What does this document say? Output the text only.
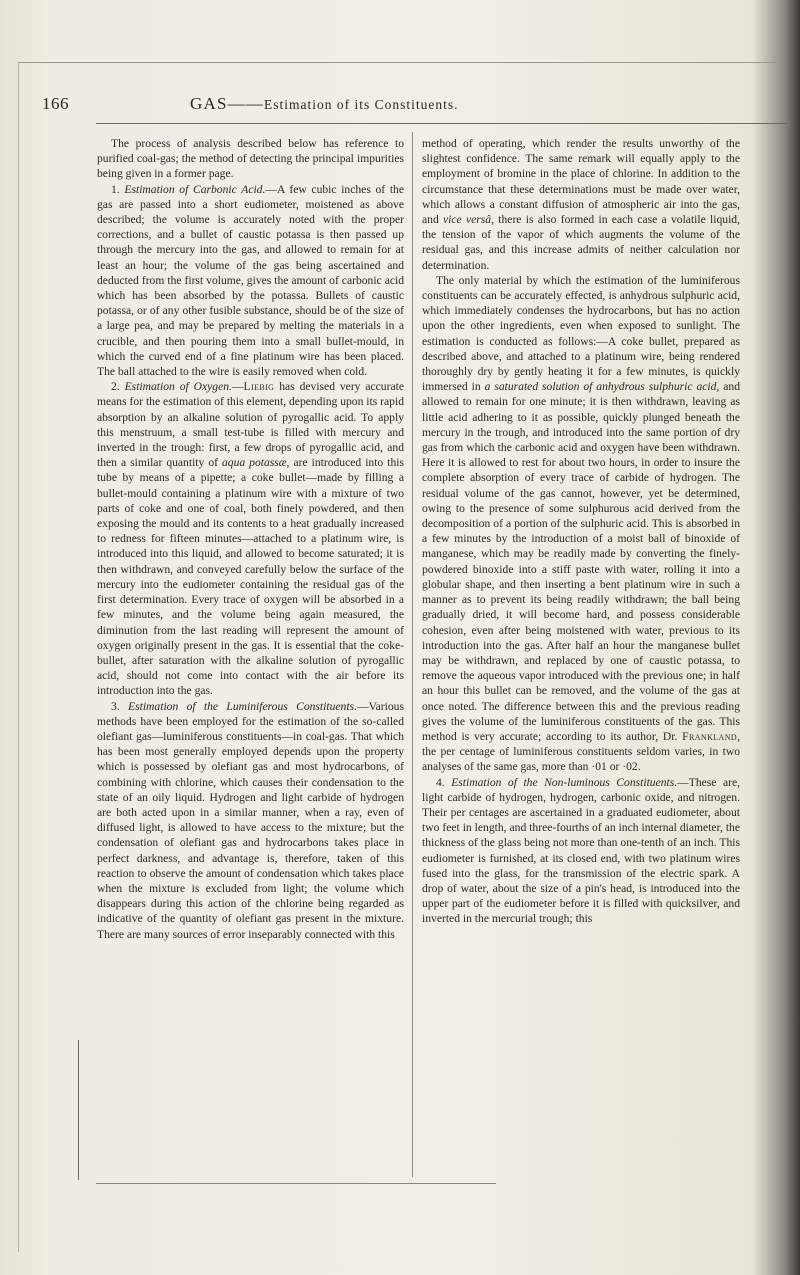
166	GAS——Estimation of its Constituents.

The process of analysis described below has reference to purified coal-gas; the method of detecting the principal impurities being given in a former page.

1. Estimation of Carbonic Acid.—A few cubic inches of the gas are passed into a short eudiometer, moistened as above described; the volume is accurately noted with the proper corrections, and a bullet of caustic potassa is then passed up through the mercury into the gas, and allowed to remain for at least an hour; the volume of the gas being ascertained and deducted from the first volume, gives the amount of carbonic acid which has been absorbed by the potassa. Bullets of caustic potassa, or of any other fusible substance, should be of the size of a large pea, and may be prepared by melting the materials in a crucible, and then pouring them into a small bullet-mould, in which the curved end of a fine platinum wire has been placed. The ball attached to the wire is easily removed when cold.

2. Estimation of Oxygen.—Liebig has devised very accurate means for the estimation of this element, depending upon its rapid absorption by an alkaline solution of pyrogallic acid. To apply this menstruum, a small test-tube is filled with mercury and inverted in the trough: first, a few drops of pyrogallic acid, and then a similar quantity of aqua potassæ, are introduced into this tube by means of a pipette; a coke bullet—made by filling a bullet-mould containing a platinum wire with a mixture of two parts of coke and one of coal, both finely powdered, and then exposing the mould and its contents to a heat gradually increased to redness for fifteen minutes—attached to a platinum wire, is introduced into this liquid, and allowed to become saturated; it is then withdrawn, and conveyed carefully below the surface of the mercury into the eudiometer containing the residual gas of the first determination. Every trace of oxygen will be absorbed in a few minutes, and the volume being again measured, the diminution from the last reading will represent the amount of oxygen originally present in the gas. It is essential that the coke-bullet, after saturation with the alkaline solution of pyrogallic acid, should not come into contact with the air before its introduction into the gas.

3. Estimation of the Luminiferous Constituents.—Various methods have been employed for the estimation of the so-called olefiant gas—luminiferous constituents—in coal-gas. That which has been most generally employed depends upon the property which is possessed by olefiant gas and most hydrocarbons, of combining with chlorine, which causes their condensation to the state of an oily liquid. Hydrogen and light carbide of hydrogen are both acted upon in a similar manner, when a ray, even of diffused light, is allowed to have access to the mixture; but the condensation of olefiant gas and hydrocarbons takes place in perfect darkness, and advantage is, therefore, taken of this reaction to observe the amount of condensation which takes place when the mixture is excluded from light; the volume which disappears during this action of the chlorine being regarded as indicative of the quantity of olefiant gas present in the mixture. There are many sources of error inseparably connected with this

method of operating, which render the results unworthy of the slightest confidence. The same remark will equally apply to the employment of bromine in the place of chlorine. In addition to the circumstance that these determinations must be made over water, which allows a constant diffusion of atmospheric air into the gas, and vice versâ, there is also formed in each case a volatile liquid, the tension of the vapor of which augments the volume of the residual gas, and this increase admits of neither calculation nor determination.

The only material by which the estimation of the luminiferous constituents can be accurately effected, is anhydrous sulphuric acid, which immediately condenses the hydrocarbons, but has no action upon the other ingredients, even when exposed to sunlight. The estimation is conducted as follows:—A coke bullet, prepared as described above, and attached to a platinum wire, being rendered thoroughly dry by gently heating it for a few minutes, is quickly immersed in a saturated solution of anhydrous sulphuric acid, and allowed to remain for one minute; it is then withdrawn, leaving as little acid adhering to it as possible, quickly plunged beneath the mercury in the trough, and introduced into the same portion of dry gas from which the carbonic acid and oxygen have been withdrawn. Here it is allowed to rest for about two hours, in order to insure the complete absorption of every trace of carbide of hydrogen. The residual volume of the gas cannot, however, yet be determined, owing to the presence of some sulphurous acid derived from the decomposition of a portion of the sulphuric acid. This is absorbed in a few minutes by the introduction of a moist ball of binoxide of manganese, which may be readily made by converting the finely-powdered binoxide into a stiff paste with water, rolling it into a globular shape, and then inserting a bent platinum wire in such a manner as to prevent its being readily withdrawn; the ball being gradually dried, it will become hard, and possess considerable cohesion, even after being moistened with water, previous to its introduction into the gas. After half an hour the manganese bullet may be withdrawn, and replaced by one of caustic potassa, to remove the aqueous vapor introduced with the previous one; in half an hour this bullet can be removed, and the volume of the gas at once noted. The difference between this and the previous reading gives the volume of the luminiferous constituents of the gas. This method is very accurate; according to its author, Dr. Frankland, the per centage of luminiferous constituents seldom varies, in two analyses of the same gas, more than ·01 or ·02.

4. Estimation of the Non-luminous Constituents.—These are, light carbide of hydrogen, hydrogen, carbonic oxide, and nitrogen. Their per centages are ascertained in a graduated eudiometer, about two feet in length, and three-fourths of an inch internal diameter, the thickness of the glass being not more than one-tenth of an inch. This eudiometer is furnished, at its closed end, with two platinum wires fused into the glass, for the transmission of the electric spark. A drop of water, about the size of a pin's head, is introduced into the upper part of the eudiometer before it is filled with quicksilver, and inverted in the mercurial trough; this
